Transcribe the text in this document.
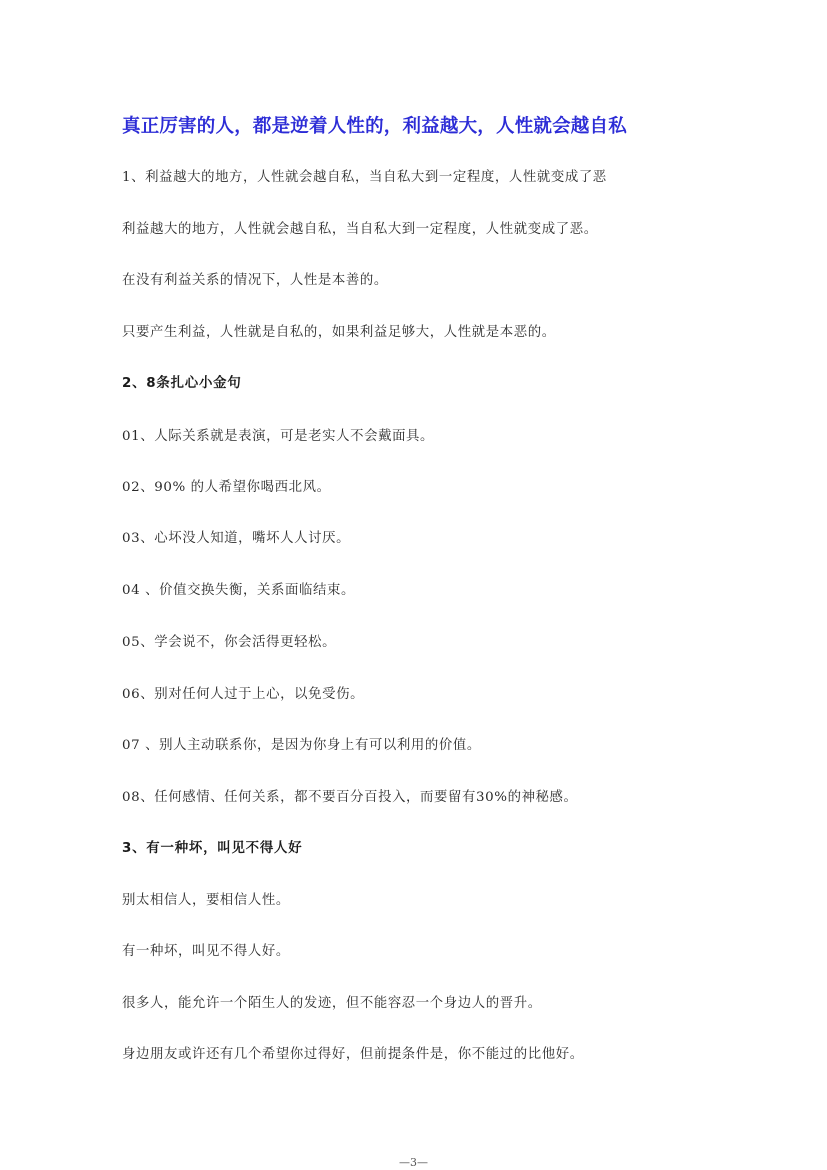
真正厉害的人，都是逆着人性的，利益越大，人性就会越自私
1、利益越大的地方，人性就会越自私，当自私大到一定程度，人性就变成了恶
利益越大的地方，人性就会越自私，当自私大到一定程度，人性就变成了恶。
在没有利益关系的情况下，人性是本善的。
只要产生利益，人性就是自私的，如果利益足够大，人性就是本恶的。
2、8条扎心小金句
01、人际关系就是表演，可是老实人不会戴面具。
02、90% 的人希望你喝西北风。
03、心坏没人知道，嘴坏人人讨厌。
04 、价值交换失衡，关系面临结束。
05、学会说不，你会活得更轻松。
06、别对任何人过于上心，以免受伤。
07 、别人主动联系你，是因为你身上有可以利用的价值。
08、任何感情、任何关系，都不要百分百投入，而要留有30%的神秘感。
3、有一种坏，叫见不得人好
别太相信人，要相信人性。
有一种坏，叫见不得人好。
很多人，能允许一个陌生人的发迹，但不能容忍一个身边人的晋升。
身边朋友或许还有几个希望你过得好，但前提条件是，你不能过的比他好。
—3—
